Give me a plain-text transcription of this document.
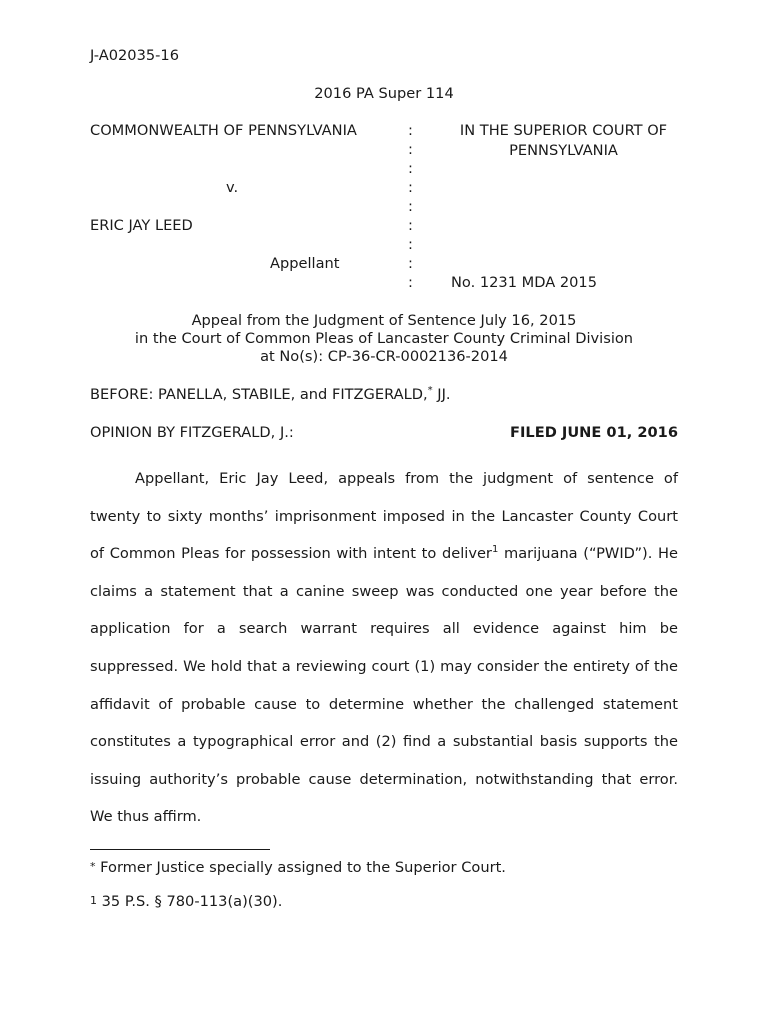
J-A02035-16
2016 PA Super 114
COMMONWEALTH OF PENNSYLVANIA
v.
ERIC JAY LEED
Appellant
:
:
:
:
:
:
:
:
:
IN THE SUPERIOR COURT OF
PENNSYLVANIA
No. 1231 MDA 2015
Appeal from the Judgment of Sentence July 16, 2015
in the Court of Common Pleas of Lancaster County Criminal Division
at No(s): CP-36-CR-0002136-2014
BEFORE: PANELLA, STABILE, and FITZGERALD,* JJ.
OPINION BY FITZGERALD, J.:	FILED JUNE 01, 2016
Appellant, Eric Jay Leed, appeals from the judgment of sentence of twenty to sixty months’ imprisonment imposed in the Lancaster County Court of Common Pleas for possession with intent to deliver$^1$ marijuana (“PWID”). He claims a statement that a canine sweep was conducted one year before the application for a search warrant requires all evidence against him be suppressed. We hold that a reviewing court (1) may consider the entirety of the affidavit of probable cause to determine whether the challenged statement constitutes a typographical error and (2) find a substantial basis supports the issuing authority’s probable cause determination, notwithstanding that error. We thus affirm.
* Former Justice specially assigned to the Superior Court.
$^1$ 35 P.S. § 780-113(a)(30).
